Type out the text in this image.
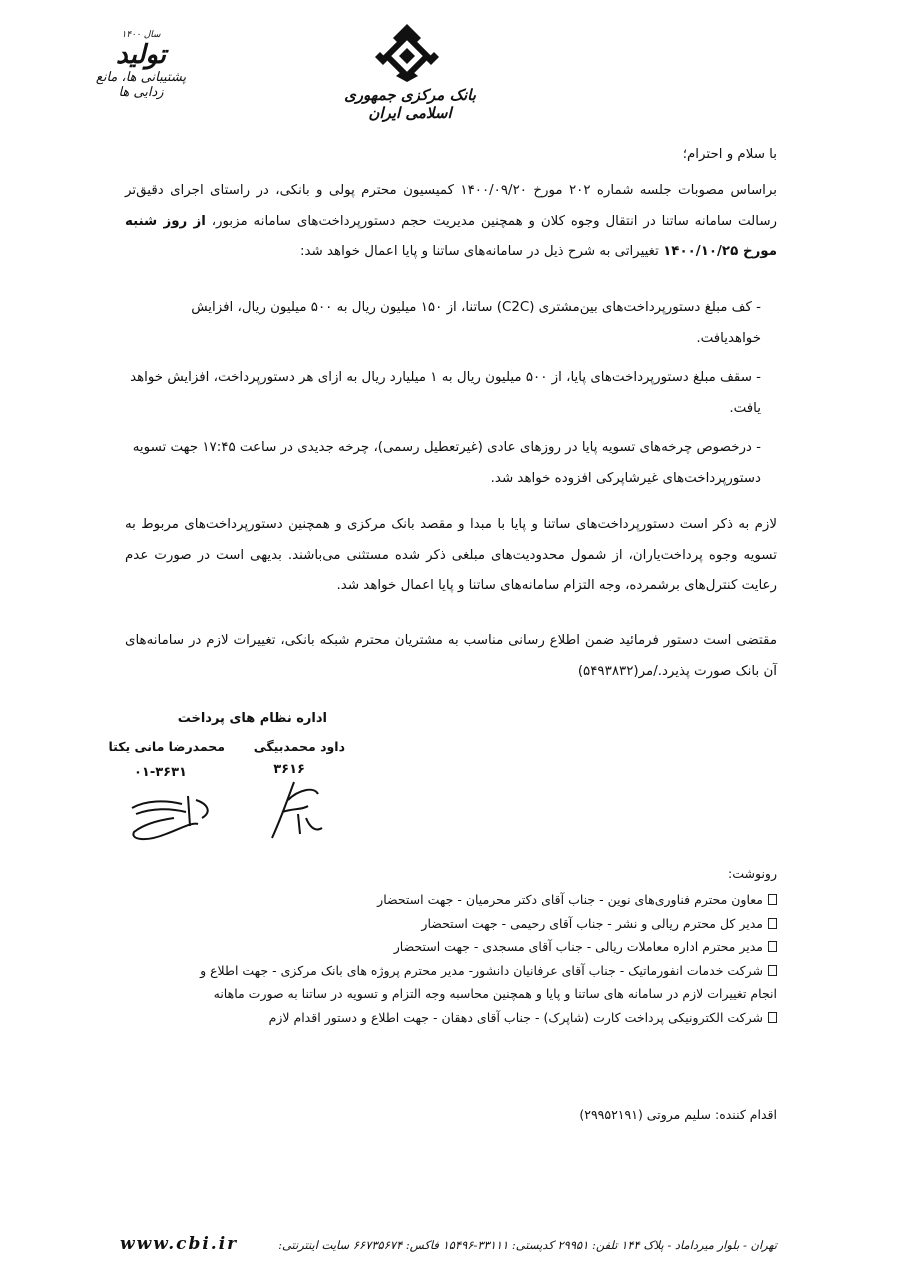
بانک مرکزی جمهوری اسلامی ایران
سال ۱۴۰۰
تولید
پشتیبانی ها، مانع زدایی ها
با سلام و احترام؛
براساس مصوبات جلسه شماره ۲۰۲ مورخ ۱۴۰۰/۰۹/۲۰ کمیسیون محترم پولی و بانکی، در راستای اجرای دقیق‌تر رسالت سامانه ساتنا در انتقال وجوه کلان و همچنین مدیریت حجم دستورپرداخت‌های سامانه مزبور، از روز شنبه مورخ ۱۴۰۰/۱۰/۲۵ تغییراتی به شرح ذیل در سامانه‌های ساتنا و پایا اعمال خواهد شد:
- کف مبلغ دستورپرداخت‌های بین‌مشتری (C2C) ساتنا، از ۱۵۰ میلیون ریال به ۵۰۰ میلیون ریال، افزایش خواهدیافت.
- سقف مبلغ دستورپرداخت‌های پایا، از ۵۰۰ میلیون ریال به ۱ میلیارد ریال به ازای هر دستورپرداخت، افزایش خواهد یافت.
- درخصوص چرخه‌های تسویه پایا در روزهای عادی (غیرتعطیل رسمی)، چرخه جدیدی در ساعت ۱۷:۴۵ جهت تسویه دستورپرداخت‌های غیرشاپرکی افزوده خواهد شد.
لازم به ذکر است دستورپرداخت‌های ساتنا و پایا با مبدا و مقصد بانک مرکزی و همچنین دستورپرداخت‌های مربوط به تسویه وجوه پرداخت‌یاران، از شمول محدودیت‌های مبلغی ذکر شده مستثنی می‌باشند. بدیهی است در صورت عدم رعایت کنترل‌های برشمرده، وجه التزام سامانه‌های ساتنا و پایا اعمال خواهد شد.
مقتضی است دستور فرمائید ضمن اطلاع رسانی مناسب به مشتریان محترم شبکه بانکی، تغییرات لازم در سامانه‌های آن بانک صورت پذیرد./مر(۵۴۹۳۸۳۲)
اداره نظام های پرداخت
داود محمدبیگی
محمدرضا مانی یکتا
۳۶۱۶
۰۱-۳۶۳۱
رونوشت:
معاون محترم فناوری‌های نوین - جناب آقای دکتر محرمیان - جهت استحضار
مدیر کل محترم ریالی و نشر - جناب آقای رحیمی - جهت استحضار
مدیر محترم اداره معاملات ریالی - جناب آقای مسجدی - جهت استحضار
شرکت خدمات انفورماتیک - جناب آقای عرفانیان دانشور- مدیر محترم پروژه های بانک مرکزی - جهت اطلاع و
انجام تغییرات لازم در سامانه های ساتنا و پایا و همچنین محاسبه وجه التزام و تسویه در ساتنا به صورت ماهانه
شرکت الکترونیکی پرداخت کارت (شاپرک) - جناب آقای دهقان - جهت اطلاع و دستور اقدام لازم
اقدام کننده: سلیم مروتی (۲۹۹۵۲۱۹۱)
تهران - بلوار میرداماد - پلاک ۱۴۴ تلفن: ۲۹۹۵۱ کدپستی: ۳۳۱۱۱-۱۵۴۹۶ فاکس: ۶۶۷۳۵۶۷۴ سایت اینترنتی:
www.cbi.ir
